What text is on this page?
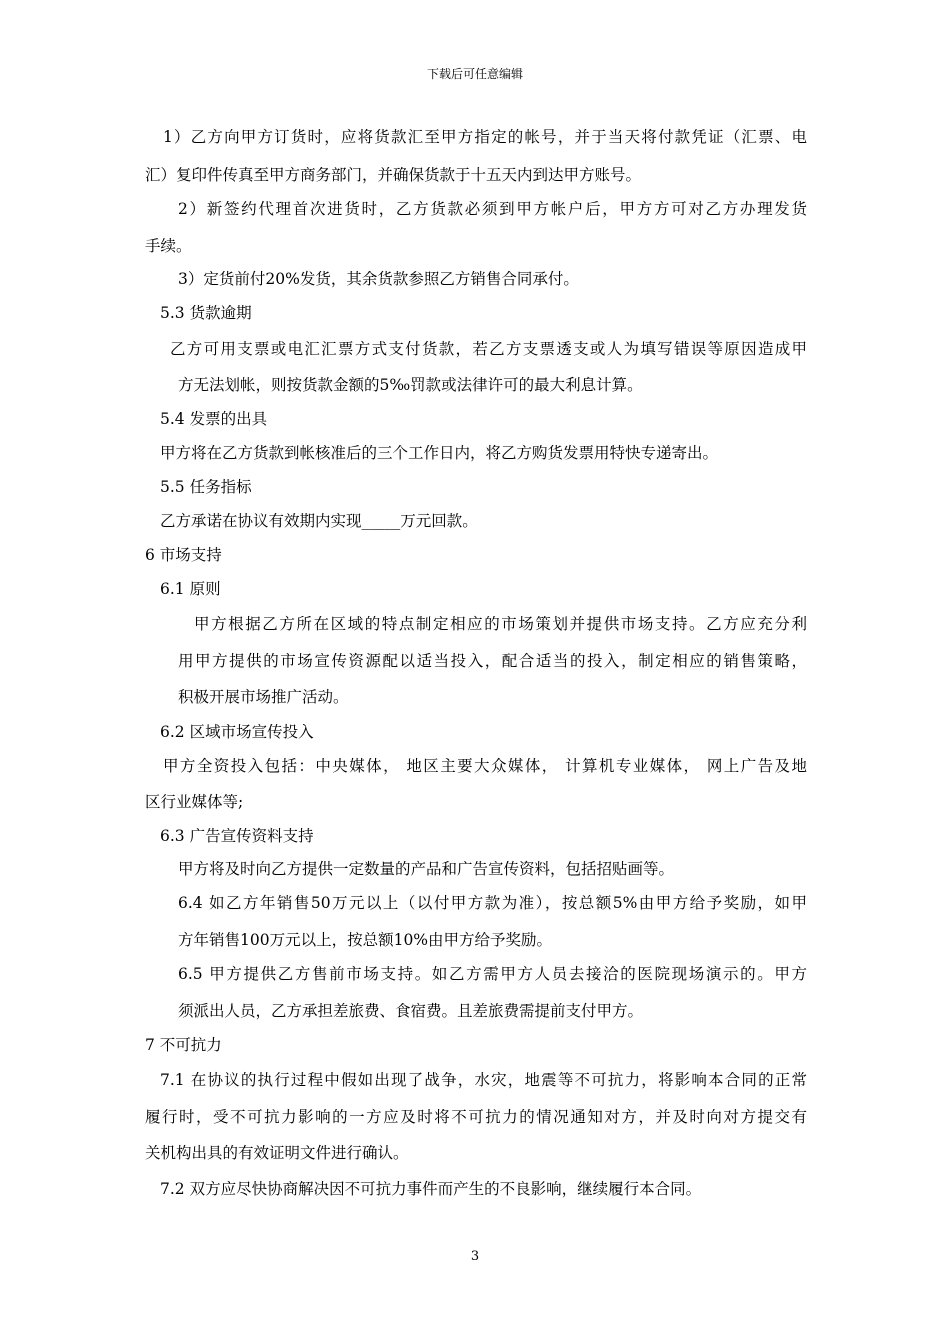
下载后可任意编辑
1）乙方向甲方订货时，应将货款汇至甲方指定的帐号，并于当天将付款凭证（汇票、电
汇）复印件传真至甲方商务部门，并确保货款于十五天内到达甲方账号。
2）新签约代理首次进货时，乙方货款必须到甲方帐户后，甲方方可对乙方办理发货
手续。
3）定货前付20%发货，其余货款参照乙方销售合同承付。
5.3 货款逾期
乙方可用支票或电汇汇票方式支付货款，若乙方支票透支或人为填写错误等原因造成甲
方无法划帐，则按货款金额的5‰罚款或法律许可的最大利息计算。
5.4 发票的出具
甲方将在乙方货款到帐核准后的三个工作日内，将乙方购货发票用特快专递寄出。
5.5 任务指标
乙方承诺在协议有效期内实现_____万元回款。
6 市场支持
6.1 原则
甲方根据乙方所在区域的特点制定相应的市场策划并提供市场支持。乙方应充分利
用甲方提供的市场宣传资源配以适当投入，配合适当的投入，制定相应的销售策略，
积极开展市场推广活动。
6.2 区域市场宣传投入
甲方全资投入包括：中央媒体， 地区主要大众媒体， 计算机专业媒体， 网上广告及地
区行业媒体等;
6.3 广告宣传资料支持
甲方将及时向乙方提供一定数量的产品和广告宣传资料，包括招贴画等。
6.4 如乙方年销售50万元以上（以付甲方款为准），按总额5%由甲方给予奖励，如甲
方年销售100万元以上，按总额10%由甲方给予奖励。
6.5 甲方提供乙方售前市场支持。如乙方需甲方人员去接洽的医院现场演示的。甲方
须派出人员，乙方承担差旅费、食宿费。且差旅费需提前支付甲方。
7 不可抗力
7.1 在协议的执行过程中假如出现了战争，水灾，地震等不可抗力，将影响本合同的正常
履行时，受不可抗力影响的一方应及时将不可抗力的情况通知对方，并及时向对方提交有
关机构出具的有效证明文件进行确认。
7.2 双方应尽快协商解决因不可抗力事件而产生的不良影响，继续履行本合同。
3
